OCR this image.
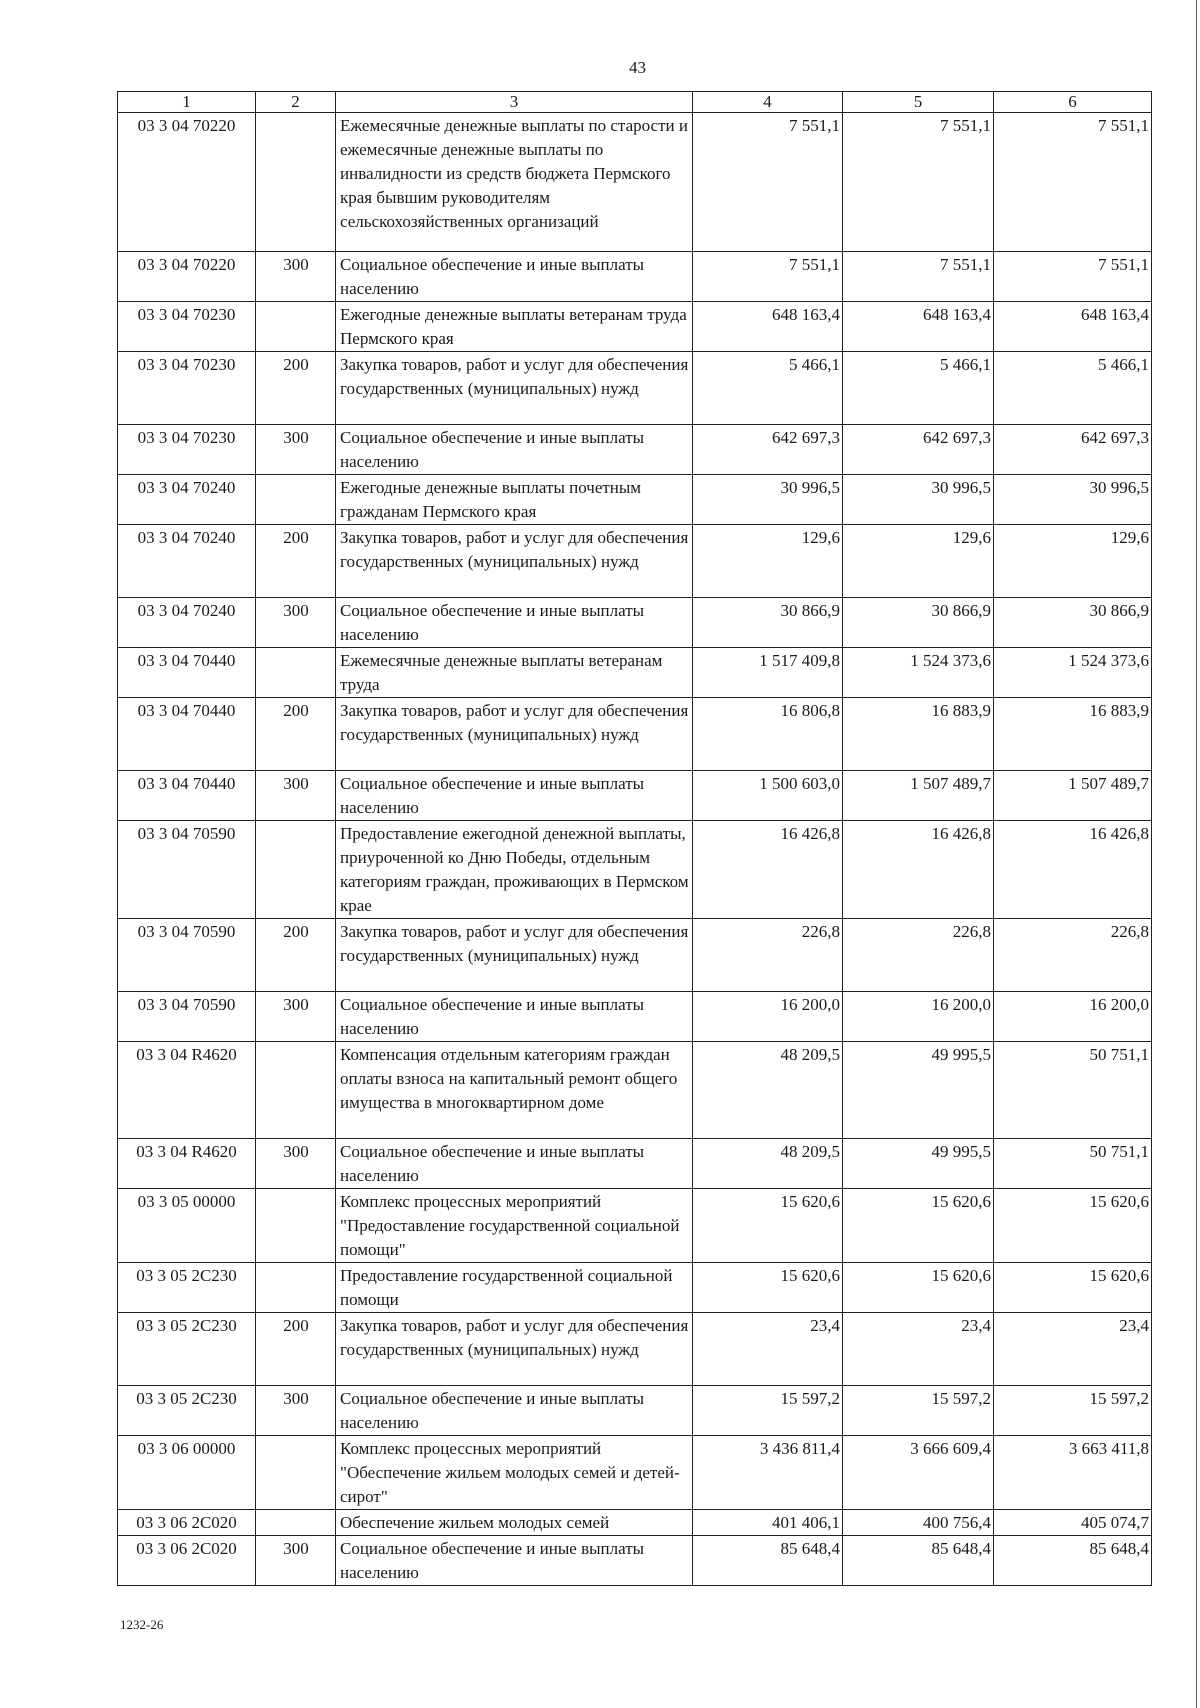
43
1	2	3	4	5	6
03 3 04 70220		Ежемесячные денежные выплаты по старости и ежемесячные денежные выплаты по инвалидности из средств бюджета Пермского края бывшим руководителям сельскохозяйственных организаций	7 551,1	7 551,1	7 551,1
03 3 04 70220	300	Социальное обеспечение и иные выплаты населению	7 551,1	7 551,1	7 551,1
03 3 04 70230		Ежегодные денежные выплаты ветеранам труда Пермского края	648 163,4	648 163,4	648 163,4
03 3 04 70230	200	Закупка товаров, работ и услуг для обеспечения государственных (муниципальных) нужд	5 466,1	5 466,1	5 466,1
03 3 04 70230	300	Социальное обеспечение и иные выплаты населению	642 697,3	642 697,3	642 697,3
03 3 04 70240		Ежегодные денежные выплаты почетным гражданам Пермского края	30 996,5	30 996,5	30 996,5
03 3 04 70240	200	Закупка товаров, работ и услуг для обеспечения государственных (муниципальных) нужд	129,6	129,6	129,6
03 3 04 70240	300	Социальное обеспечение и иные выплаты населению	30 866,9	30 866,9	30 866,9
03 3 04 70440		Ежемесячные денежные выплаты ветеранам труда	1 517 409,8	1 524 373,6	1 524 373,6
03 3 04 70440	200	Закупка товаров, работ и услуг для обеспечения государственных (муниципальных) нужд	16 806,8	16 883,9	16 883,9
03 3 04 70440	300	Социальное обеспечение и иные выплаты населению	1 500 603,0	1 507 489,7	1 507 489,7
03 3 04 70590		Предоставление ежегодной денежной выплаты, приуроченной ко Дню Победы, отдельным категориям граждан, проживающих в Пермском крае	16 426,8	16 426,8	16 426,8
03 3 04 70590	200	Закупка товаров, работ и услуг для обеспечения государственных (муниципальных) нужд	226,8	226,8	226,8
03 3 04 70590	300	Социальное обеспечение и иные выплаты населению	16 200,0	16 200,0	16 200,0
03 3 04 R4620		Компенсация отдельным категориям граждан оплаты взноса на капитальный ремонт общего имущества в многоквартирном доме	48 209,5	49 995,5	50 751,1
03 3 04 R4620	300	Социальное обеспечение и иные выплаты населению	48 209,5	49 995,5	50 751,1
03 3 05 00000		Комплекс процессных мероприятий "Предоставление государственной социальной помощи"	15 620,6	15 620,6	15 620,6
03 3 05 2С230		Предоставление государственной социальной помощи	15 620,6	15 620,6	15 620,6
03 3 05 2С230	200	Закупка товаров, работ и услуг для обеспечения государственных (муниципальных) нужд	23,4	23,4	23,4
03 3 05 2С230	300	Социальное обеспечение и иные выплаты населению	15 597,2	15 597,2	15 597,2
03 3 06 00000		Комплекс процессных мероприятий "Обеспечение жильем молодых семей и детей-сирот"	3 436 811,4	3 666 609,4	3 663 411,8
03 3 06 2С020		Обеспечение жильем молодых семей	401 406,1	400 756,4	405 074,7
03 3 06 2С020	300	Социальное обеспечение и иные выплаты населению	85 648,4	85 648,4	85 648,4
1232-26
